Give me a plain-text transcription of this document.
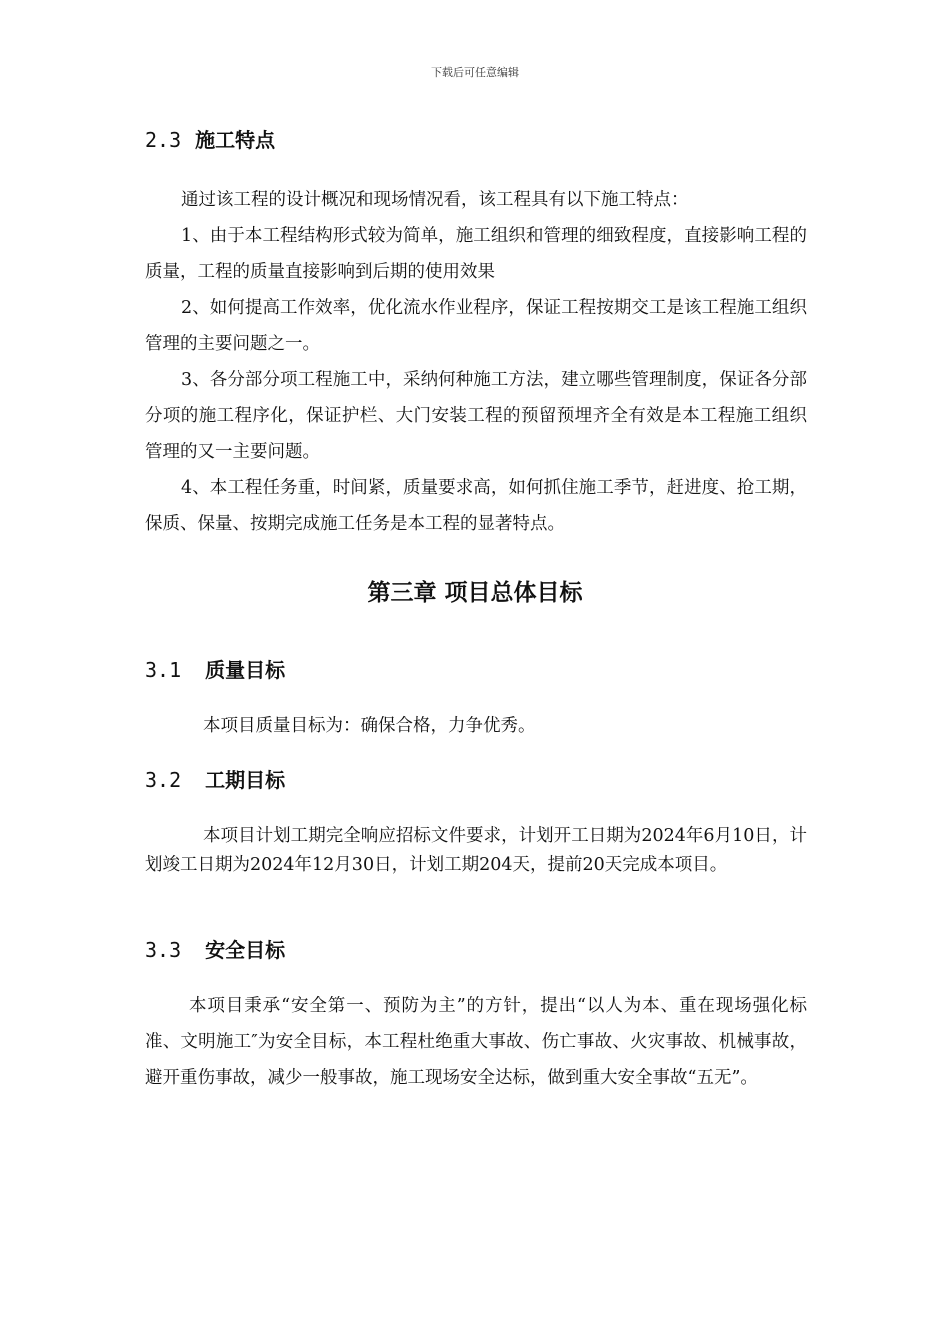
下载后可任意编辑
2.3 施工特点

通过该工程的设计概况和现场情况看，该工程具有以下施工特点：

1、由于本工程结构形式较为简单，施工组织和管理的细致程度，直接影响工程的质量，工程的质量直接影响到后期的使用效果

2、如何提高工作效率，优化流水作业程序，保证工程按期交工是该工程施工组织管理的主要问题之一。

3、各分部分项工程施工中，采纳何种施工方法，建立哪些管理制度，保证各分部分项的施工程序化，保证护栏、大门安装工程的预留预埋齐全有效是本工程施工组织管理的又一主要问题。

4、本工程任务重，时间紧，质量要求高，如何抓住施工季节，赶进度、抢工期，保质、保量、按期完成施工任务是本工程的显著特点。

第三章 项目总体目标
3.1 质量目标

本项目质量目标为：确保合格，力争优秀。

3.2 工期目标

本项目计划工期完全响应招标文件要求，计划开工日期为2024年6月10日，计划竣工日期为2024年12月30日，计划工期204天，提前20天完成本项目。

3.3 安全目标

本项目秉承“安全第一、预防为主”的方针，提出“以人为本、重在现场强化标准、文明施工″为安全目标，本工程杜绝重大事故、伤亡事故、火灾事故、机械事故，避开重伤事故，减少一般事故，施工现场安全达标，做到重大安全事故“五无”。
